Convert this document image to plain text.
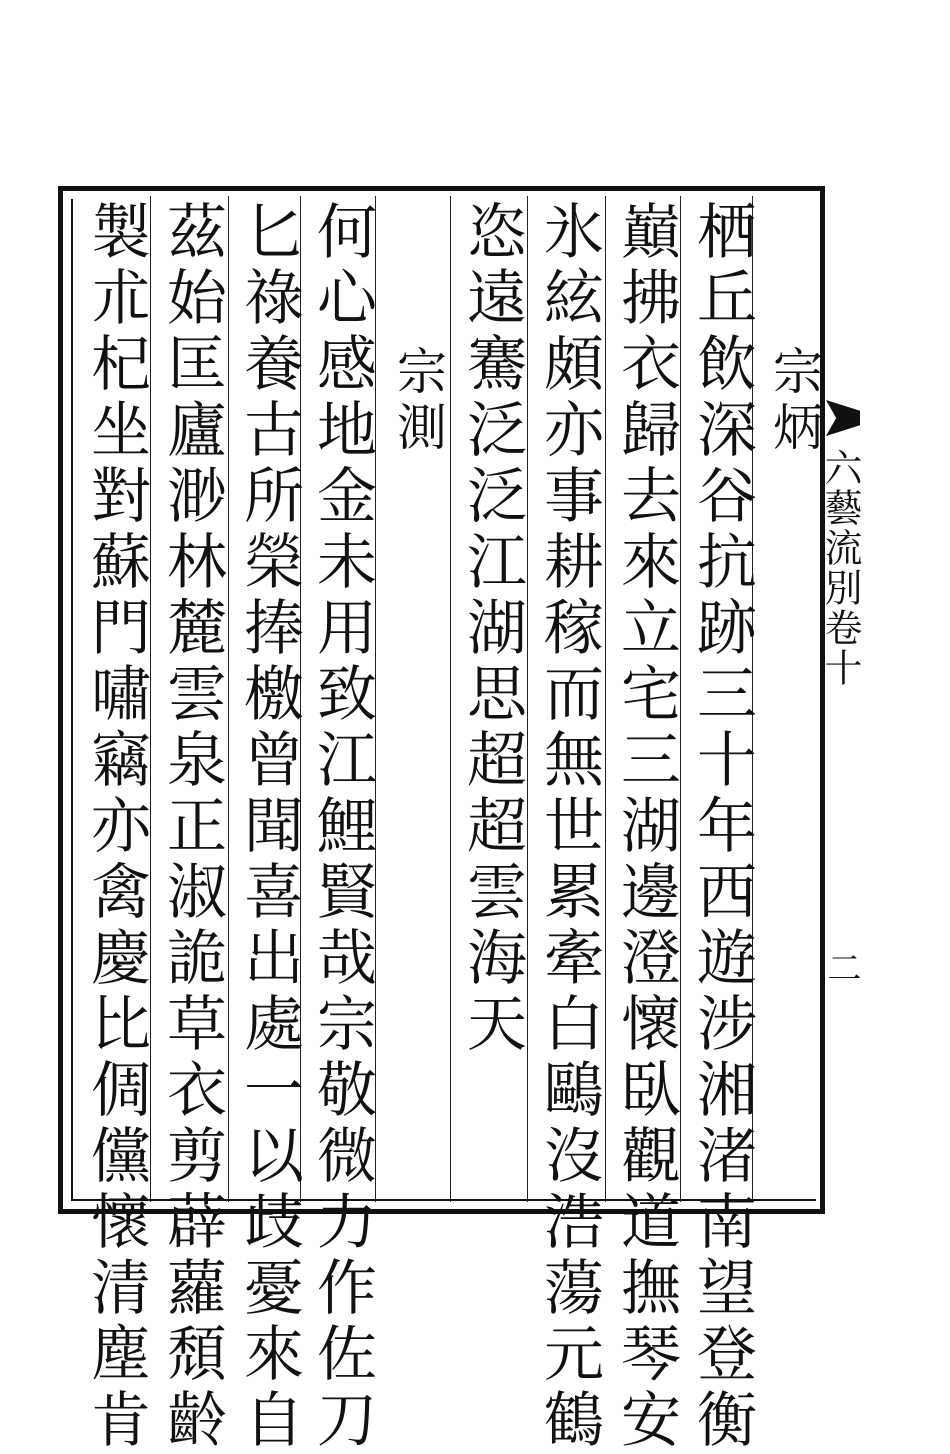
宗炳
栖丘飲深谷抗跡三十年西遊涉湘渚南望登衡
巔拂衣歸去來立宅三湖邊澄懷臥觀道撫琴安
氷絃頗亦事耕稼而無世累牽白鷗沒浩蕩元鶴
恣遠騫泛泛江湖思超超雲海天
宗測
何心感地金未用致江鯉賢哉宗敬微力作佐刀
匕祿養古所榮捧檄曾聞喜出處一以歧憂來自
茲始匡廬渺林麓雲泉正淑詭草衣剪薜蘿頹齡
製朮杞坐對蘇門嘯竊亦禽慶比倜儻懷清塵肯	六藝流別卷十
二
